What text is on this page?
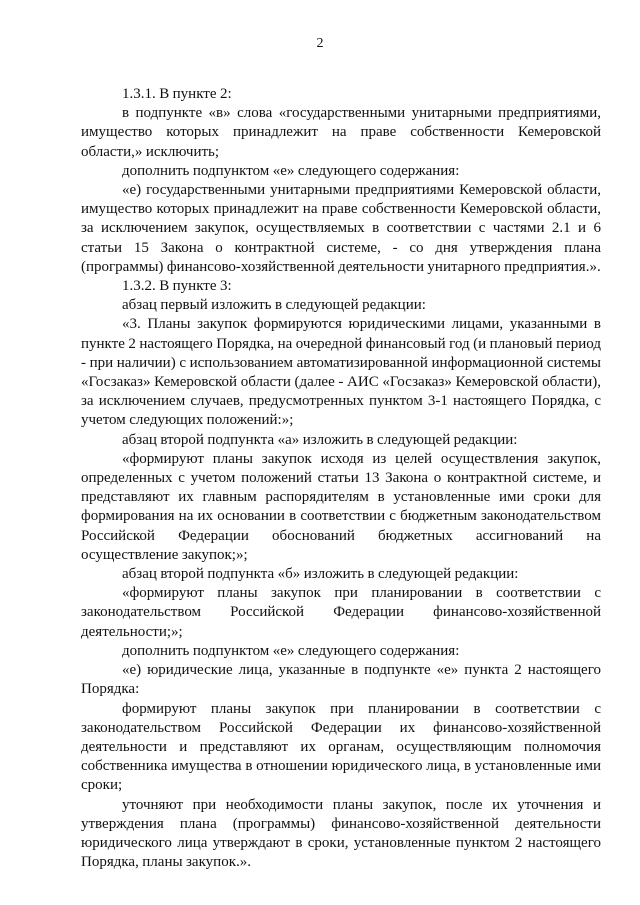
2

1.3.1. В пункте 2:

в подпункте «в» слова «государственными унитарными предприятиями, имущество которых принадлежит на праве собственности Кемеровской области,» исключить;

дополнить подпунктом «е» следующего содержания:

«е) государственными унитарными предприятиями Кемеровской области, имущество которых принадлежит на праве собственности Кемеровской области, за исключением закупок, осуществляемых в соответствии с частями 2.1 и 6 статьи 15 Закона о контрактной системе, - со дня утверждения плана (программы) финансово-хозяйственной деятельности унитарного предприятия.».

1.3.2. В пункте 3:

абзац первый изложить в следующей редакции:

«3. Планы закупок формируются юридическими лицами, указанными в пункте 2 настоящего Порядка, на очередной финансовый год (и плановый период - при наличии) с использованием автоматизированной информационной системы «Госзаказ» Кемеровской области (далее - АИС «Госзаказ» Кемеровской области), за исключением случаев, предусмотренных пунктом 3-1 настоящего Порядка, с учетом следующих положений:»;

абзац второй подпункта «а» изложить в следующей редакции:

«формируют планы закупок исходя из целей осуществления закупок, определенных с учетом положений статьи 13 Закона о контрактной системе, и представляют их главным распорядителям в установленные ими сроки для формирования на их основании в соответствии с бюджетным законодательством Российской Федерации обоснований бюджетных ассигнований на осуществление закупок;»;

абзац второй подпункта «б» изложить в следующей редакции:

«формируют планы закупок при планировании в соответствии с законодательством Российской Федерации финансово-хозяйственной деятельности;»;

дополнить подпунктом «е» следующего содержания:

«е) юридические лица, указанные в подпункте «е» пункта 2 настоящего Порядка:

формируют планы закупок при планировании в соответствии с законодательством Российской Федерации их финансово-хозяйственной деятельности и представляют их органам, осуществляющим полномочия собственника имущества в отношении юридического лица, в установленные ими сроки;

уточняют при необходимости планы закупок, после их уточнения и утверждения плана (программы) финансово-хозяйственной деятельности юридического лица утверждают в сроки, установленные пунктом 2 настоящего Порядка, планы закупок.».
